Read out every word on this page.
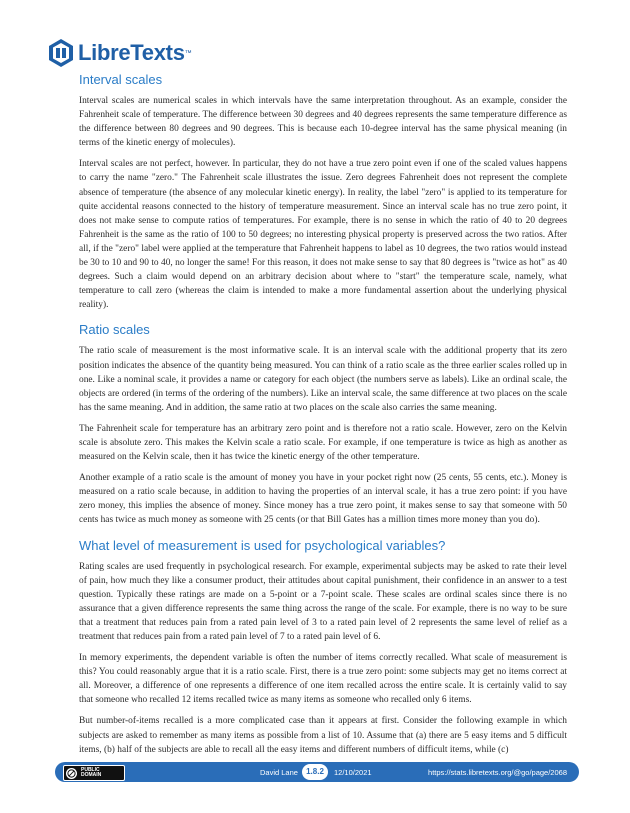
LibreTexts ™
Interval scales

Interval scales are numerical scales in which intervals have the same interpretation throughout. As an example, consider the Fahrenheit scale of temperature. The difference between 30 degrees and 40 degrees represents the same temperature difference as the difference between 80 degrees and 90 degrees. This is because each 10-degree interval has the same physical meaning (in terms of the kinetic energy of molecules).

Interval scales are not perfect, however. In particular, they do not have a true zero point even if one of the scaled values happens to carry the name "zero." The Fahrenheit scale illustrates the issue. Zero degrees Fahrenheit does not represent the complete absence of temperature (the absence of any molecular kinetic energy). In reality, the label "zero" is applied to its temperature for quite accidental reasons connected to the history of temperature measurement. Since an interval scale has no true zero point, it does not make sense to compute ratios of temperatures. For example, there is no sense in which the ratio of 40 to 20 degrees Fahrenheit is the same as the ratio of 100 to 50 degrees; no interesting physical property is preserved across the two ratios. After all, if the "zero" label were applied at the temperature that Fahrenheit happens to label as 10 degrees, the two ratios would instead be 30 to 10 and 90 to 40, no longer the same! For this reason, it does not make sense to say that 80 degrees is "twice as hot" as 40 degrees. Such a claim would depend on an arbitrary decision about where to "start" the temperature scale, namely, what temperature to call zero (whereas the claim is intended to make a more fundamental assertion about the underlying physical reality).

Ratio scales

The ratio scale of measurement is the most informative scale. It is an interval scale with the additional property that its zero position indicates the absence of the quantity being measured. You can think of a ratio scale as the three earlier scales rolled up in one. Like a nominal scale, it provides a name or category for each object (the numbers serve as labels). Like an ordinal scale, the objects are ordered (in terms of the ordering of the numbers). Like an interval scale, the same difference at two places on the scale has the same meaning. And in addition, the same ratio at two places on the scale also carries the same meaning.

The Fahrenheit scale for temperature has an arbitrary zero point and is therefore not a ratio scale. However, zero on the Kelvin scale is absolute zero. This makes the Kelvin scale a ratio scale. For example, if one temperature is twice as high as another as measured on the Kelvin scale, then it has twice the kinetic energy of the other temperature.

Another example of a ratio scale is the amount of money you have in your pocket right now (25 cents, 55 cents, etc.). Money is measured on a ratio scale because, in addition to having the properties of an interval scale, it has a true zero point: if you have zero money, this implies the absence of money. Since money has a true zero point, it makes sense to say that someone with 50 cents has twice as much money as someone with 25 cents (or that Bill Gates has a million times more money than you do).

What level of measurement is used for psychological variables?

Rating scales are used frequently in psychological research. For example, experimental subjects may be asked to rate their level of pain, how much they like a consumer product, their attitudes about capital punishment, their confidence in an answer to a test question. Typically these ratings are made on a 5-point or a 7-point scale. These scales are ordinal scales since there is no assurance that a given difference represents the same thing across the range of the scale. For example, there is no way to be sure that a treatment that reduces pain from a rated pain level of 3 to a rated pain level of 2 represents the same level of relief as a treatment that reduces pain from a rated pain level of 7 to a rated pain level of 6.

In memory experiments, the dependent variable is often the number of items correctly recalled. What scale of measurement is this? You could reasonably argue that it is a ratio scale. First, there is a true zero point: some subjects may get no items correct at all. Moreover, a difference of one represents a difference of one item recalled across the entire scale. It is certainly valid to say that someone who recalled 12 items recalled twice as many items as someone who recalled only 6 items.

But number-of-items recalled is a more complicated case than it appears at first. Consider the following example in which subjects are asked to remember as many items as possible from a list of 10. Assume that (a) there are 5 easy items and 5 difficult items, (b) half of the subjects are able to recall all the easy items and different numbers of difficult items, while (c)

PUBLIC
DOMAIN	David Lane	1.8.2	12/10/2021	https://stats.libretexts.org/@go/page/2068
